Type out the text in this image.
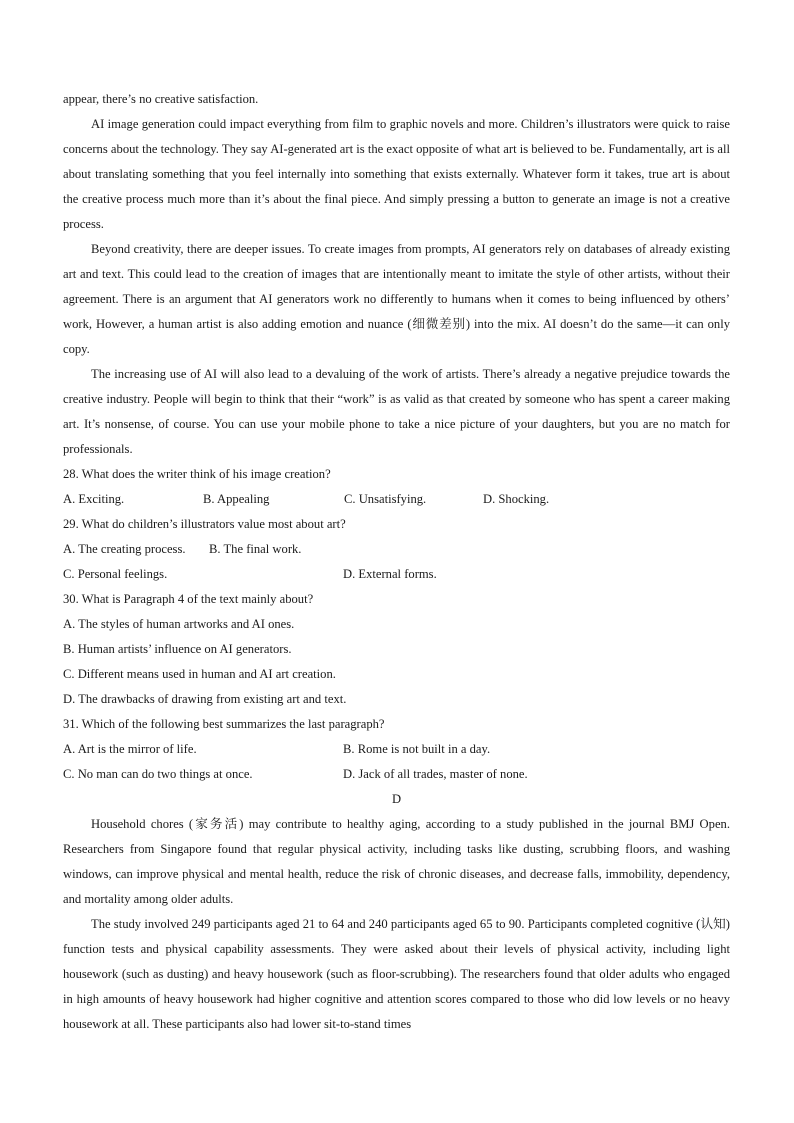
appear, there’s no creative satisfaction.
AI image generation could impact everything from film to graphic novels and more. Children’s illustrators were quick to raise concerns about the technology. They say AI-generated art is the exact opposite of what art is believed to be. Fundamentally, art is all about translating something that you feel internally into something that exists externally. Whatever form it takes, true art is about the creative process much more than it’s about the final piece. And simply pressing a button to generate an image is not a creative process.
Beyond creativity, there are deeper issues. To create images from prompts, AI generators rely on databases of already existing art and text. This could lead to the creation of images that are intentionally meant to imitate the style of other artists, without their agreement. There is an argument that AI generators work no differently to humans when it comes to being influenced by others’ work, However, a human artist is also adding emotion and nuance (细微差别) into the mix. AI doesn’t do the same—it can only copy.
The increasing use of AI will also lead to a devaluing of the work of artists. There’s already a negative prejudice towards the creative industry. People will begin to think that their “work” is as valid as that created by someone who has spent a career making art. It’s nonsense, of course. You can use your mobile phone to take a nice picture of your daughters, but you are no match for professionals.
28. What does the writer think of his image creation?
A. Exciting.	B. Appealing	C. Unsatisfying.	D. Shocking.
29. What do children’s illustrators value most about art?
A. The creating process. B. The final work.
C. Personal feelings.	D. External forms.
30. What is Paragraph 4 of the text mainly about?
A. The styles of human artworks and AI ones.
B. Human artists’ influence on AI generators.
C. Different means used in human and AI art creation.
D. The drawbacks of drawing from existing art and text.
31. Which of the following best summarizes the last paragraph?
A. Art is the mirror of life.	B. Rome is not built in a day.
C. No man can do two things at once.	D. Jack of all trades, master of none.
D
Household chores (家务活) may contribute to healthy aging, according to a study published in the journal BMJ Open. Researchers from Singapore found that regular physical activity, including tasks like dusting, scrubbing floors, and washing windows, can improve physical and mental health, reduce the risk of chronic diseases, and decrease falls, immobility, dependency, and mortality among older adults.
The study involved 249 participants aged 21 to 64 and 240 participants aged 65 to 90. Participants completed cognitive (认知) function tests and physical capability assessments. They were asked about their levels of physical activity, including light housework (such as dusting) and heavy housework (such as floor-scrubbing). The researchers found that older adults who engaged in high amounts of heavy housework had higher cognitive and attention scores compared to those who did low levels or no heavy housework at all. These participants also had lower sit-to-stand times
